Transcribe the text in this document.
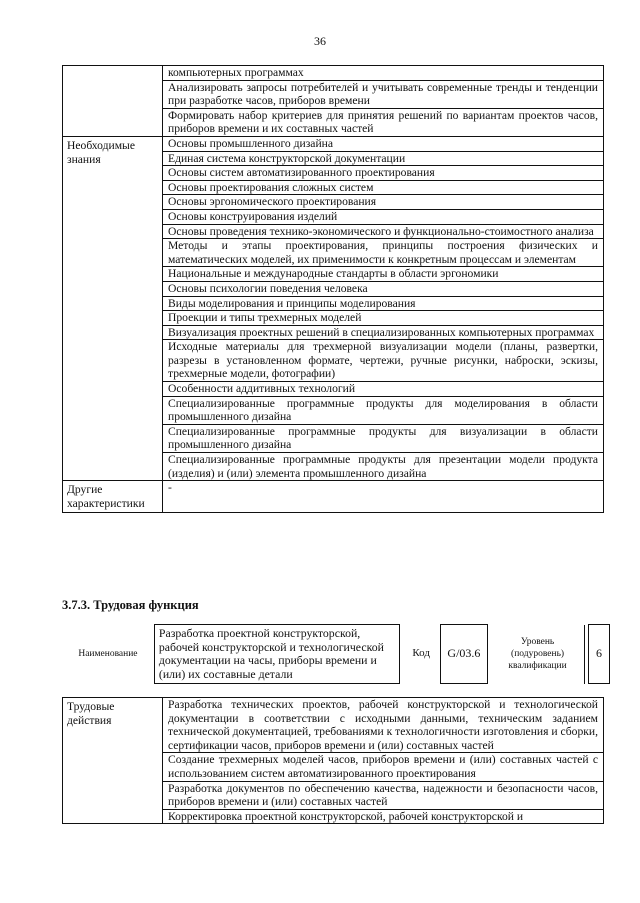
36
	компьютерных программах
	Анализировать запросы потребителей и учитывать современные тренды и тенденции при разработке часов, приборов времени
	Формировать набор критериев для принятия решений по вариантам проектов часов, приборов времени и их составных частей
Необходимые знания	Основы промышленного дизайна
	Единая система конструкторской документации
	Основы систем автоматизированного проектирования
	Основы проектирования сложных систем
	Основы эргономического проектирования
	Основы конструирования изделий
	Основы проведения технико-экономического и функционально-стоимостного анализа
	Методы и этапы проектирования, принципы построения физических и математических моделей, их применимости к конкретным процессам и элементам
	Национальные и международные стандарты в области эргономики
	Основы психологии поведения человека
	Виды моделирования и принципы моделирования
	Проекции и типы трехмерных моделей
	Визуализация проектных решений в специализированных компьютерных программах
	Исходные материалы для трехмерной визуализации модели (планы, развертки, разрезы в установленном формате, чертежи, ручные рисунки, наброски, эскизы, трехмерные модели, фотографии)
	Особенности аддитивных технологий
	Специализированные программные продукты для моделирования в области промышленного дизайна
	Специализированные программные продукты для визуализации в области промышленного дизайна
	Специализированные программные продукты для презентации модели продукта (изделия) и (или) элемента промышленного дизайна
Другие характеристики	-
3.7.3. Трудовая функция
Наименование	Разработка проектной конструкторской, рабочей конструкторской и технологической документации на часы, приборы времени и (или) их составные детали		Код		G/03.6		Уровень (подуровень) квалификации		6
Трудовые действия	Разработка технических проектов, рабочей конструкторской и технологической документации в соответствии с исходными данными, техническим заданием технической документацией, требованиями к технологичности изготовления и сборки, сертификации часов, приборов времени и (или) составных частей
Создание трехмерных моделей часов, приборов времени и (или) составных частей с использованием систем автоматизированного проектирования
Разработка документов по обеспечению качества, надежности и безопасности часов, приборов времени и (или) составных частей
Корректировка проектной конструкторской, рабочей конструкторской и
